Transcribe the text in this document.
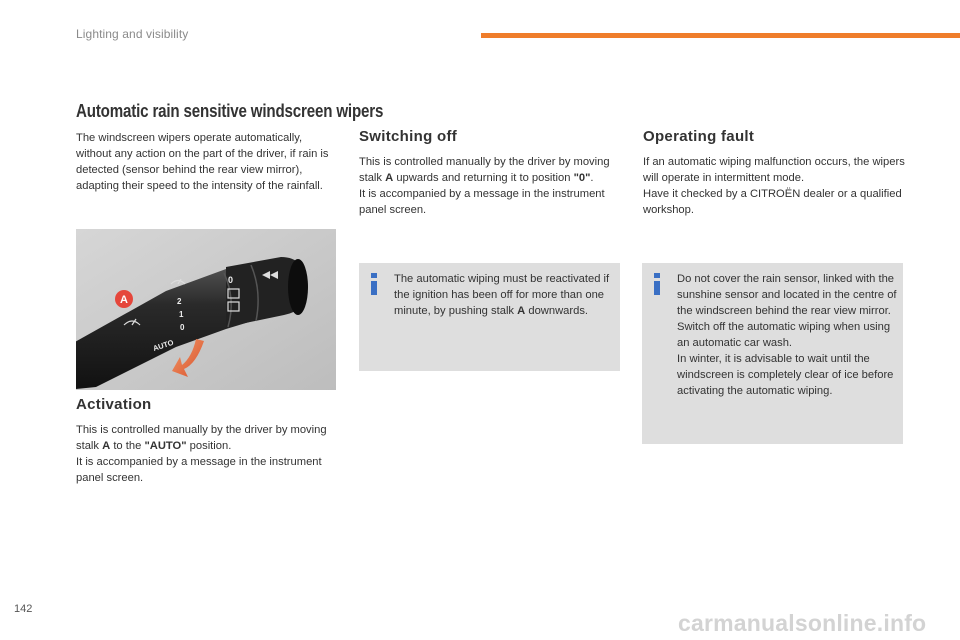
Lighting and visibility
Automatic rain sensitive windscreen wipers

The windscreen wipers operate automatically, without any action on the part of the driver, if rain is detected (sensor behind the rear view mirror), adapting their speed to the intensity of the rainfall.

2
1
0
AUTO
0
A
Activation

This is controlled manually by the driver by moving stalk A to the "AUTO" position.

It is accompanied by a message in the instrument panel screen.

Switching off

This is controlled manually by the driver by moving stalk A upwards and returning it to position "0".

It is accompanied by a message in the instrument panel screen.

Operating fault

If an automatic wiping malfunction occurs, the wipers will operate in intermittent mode.

Have it checked by a CITROËN dealer or a qualified workshop.

The automatic wiping must be reactivated if the ignition has been off for more than one minute, by pushing stalk A downwards.

Do not cover the rain sensor, linked with the sunshine sensor and located in the centre of the windscreen behind the rear view mirror.

Switch off the automatic wiping when using an automatic car wash.

In winter, it is advisable to wait until the windscreen is completely clear of ice before activating the automatic wiping.

142
carmanualsonline.info
